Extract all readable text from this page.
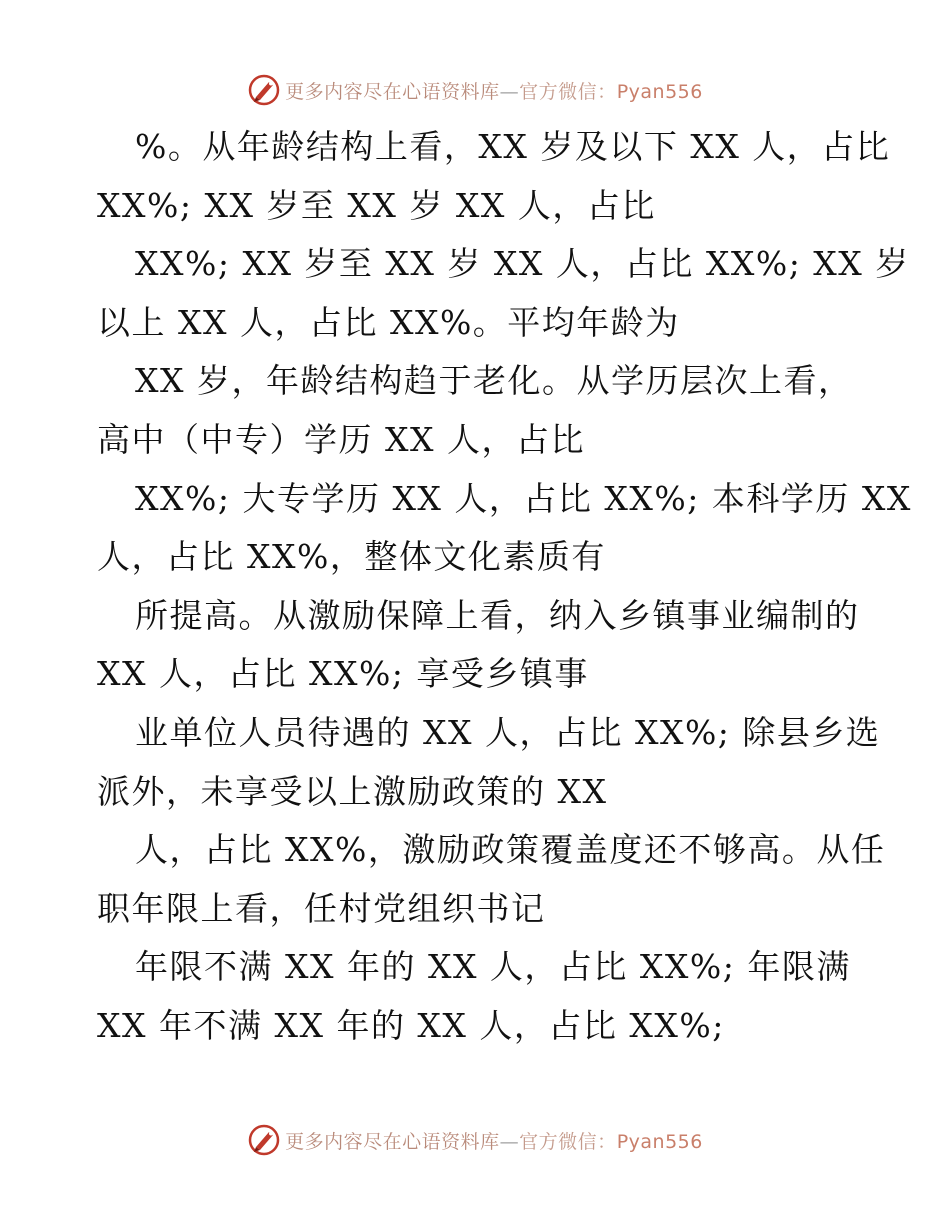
更多内容尽在心语资料库—官方微信：Pyan556
%。从年龄结构上看，XX 岁及以下 XX 人，占比
XX%; XX 岁至 XX 岁 XX 人，占比
XX%; XX 岁至 XX 岁 XX 人，占比 XX%; XX 岁
以上 XX 人，占比 XX%。平均年龄为
XX 岁，年龄结构趋于老化。从学历层次上看，
高中（中专）学历 XX 人，占比
XX%; 大专学历 XX 人，占比 XX%; 本科学历 XX
人，占比 XX%，整体文化素质有
所提高。从激励保障上看，纳入乡镇事业编制的
XX 人，占比 XX%; 享受乡镇事
业单位人员待遇的 XX 人，占比 XX%; 除县乡选
派外，未享受以上激励政策的 XX
人，占比 XX%，激励政策覆盖度还不够高。从任
职年限上看，任村党组织书记
年限不满 XX 年的 XX 人，占比 XX%; 年限满
XX 年不满 XX 年的 XX 人，占比 XX%;
更多内容尽在心语资料库—官方微信：Pyan556
